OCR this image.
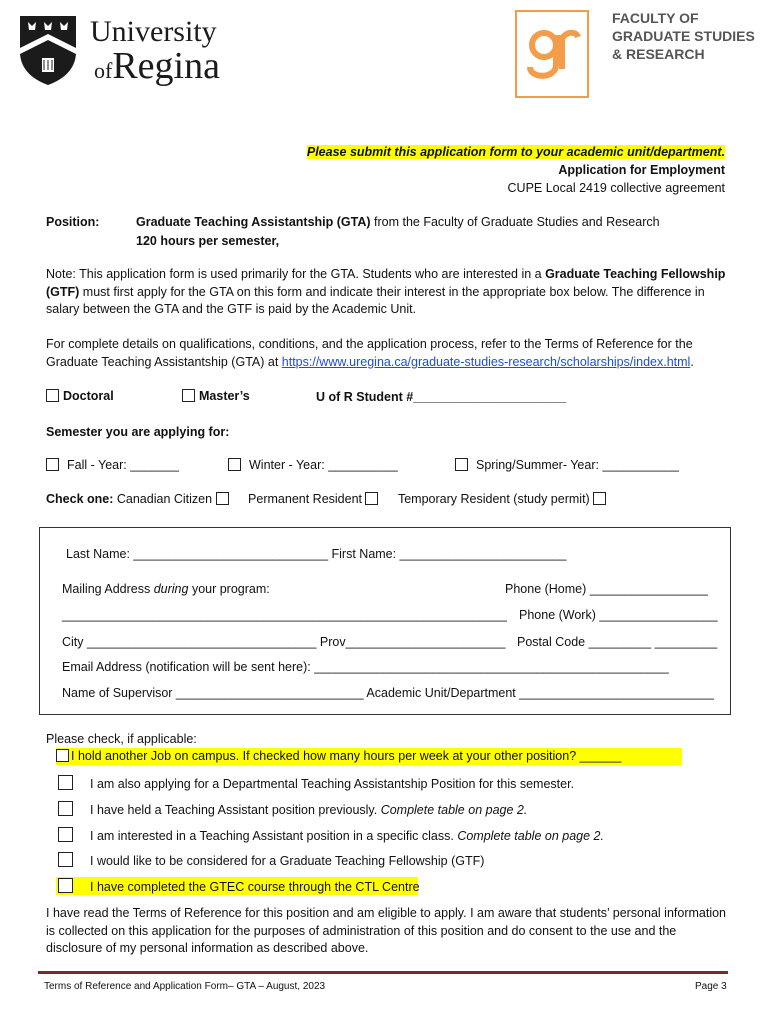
University
ofRegina
FACULTY OF
GRADUATE STUDIES
& RESEARCH
Please submit this application form to your academic unit/department.
Application for Employment
CUPE Local 2419 collective agreement
Position:	Graduate Teaching Assistantship (GTA) from the Faculty of Graduate Studies and Research
120 hours per semester,
Note: This application form is used primarily for the GTA. Students who are interested in a Graduate Teaching Fellowship (GTF) must first apply for the GTA on this form and indicate their interest in the appropriate box below. The difference in salary between the GTA and the GTF is paid by the Academic Unit.
For complete details on qualifications, conditions, and the application process, refer to the Terms of Reference for the Graduate Teaching Assistantship (GTA) at https://www.uregina.ca/graduate-studies-research/scholarships/index.html.
Doctoral	Master’s	U of R Student #______________________
Semester you are applying for:
Fall - Year: _______	Winter - Year: __________	Spring/Summer- Year: ___________
Check one: Canadian Citizen	Permanent Resident	Temporary Resident (study permit)
Last Name: ____________________________ First Name: ________________________
Mailing Address during your program:	Phone (Home) _________________
________________________________________________________________ Phone (Work) _________________
City _________________________________ Prov_______________________ Postal Code _________ _________
Email Address (notification will be sent here): ___________________________________________________
Name of Supervisor ___________________________ Academic Unit/Department ____________________________
Please check, if applicable:
I hold another Job on campus. If checked how many hours per week at your other position? ______
I am also applying for a Departmental Teaching Assistantship Position for this semester.
I have held a Teaching Assistant position previously. Complete table on page 2.
I am interested in a Teaching Assistant position in a specific class. Complete table on page 2.
I would like to be considered for a Graduate Teaching Fellowship (GTF)
I have completed the GTEC course through the CTL Centre
I have read the Terms of Reference for this position and am eligible to apply. I am aware that students’ personal information is collected on this application for the purposes of administration of this position and do consent to the use and the disclosure of my personal information as described above.
Terms of Reference and Application Form– GTA – August, 2023	Page 3
